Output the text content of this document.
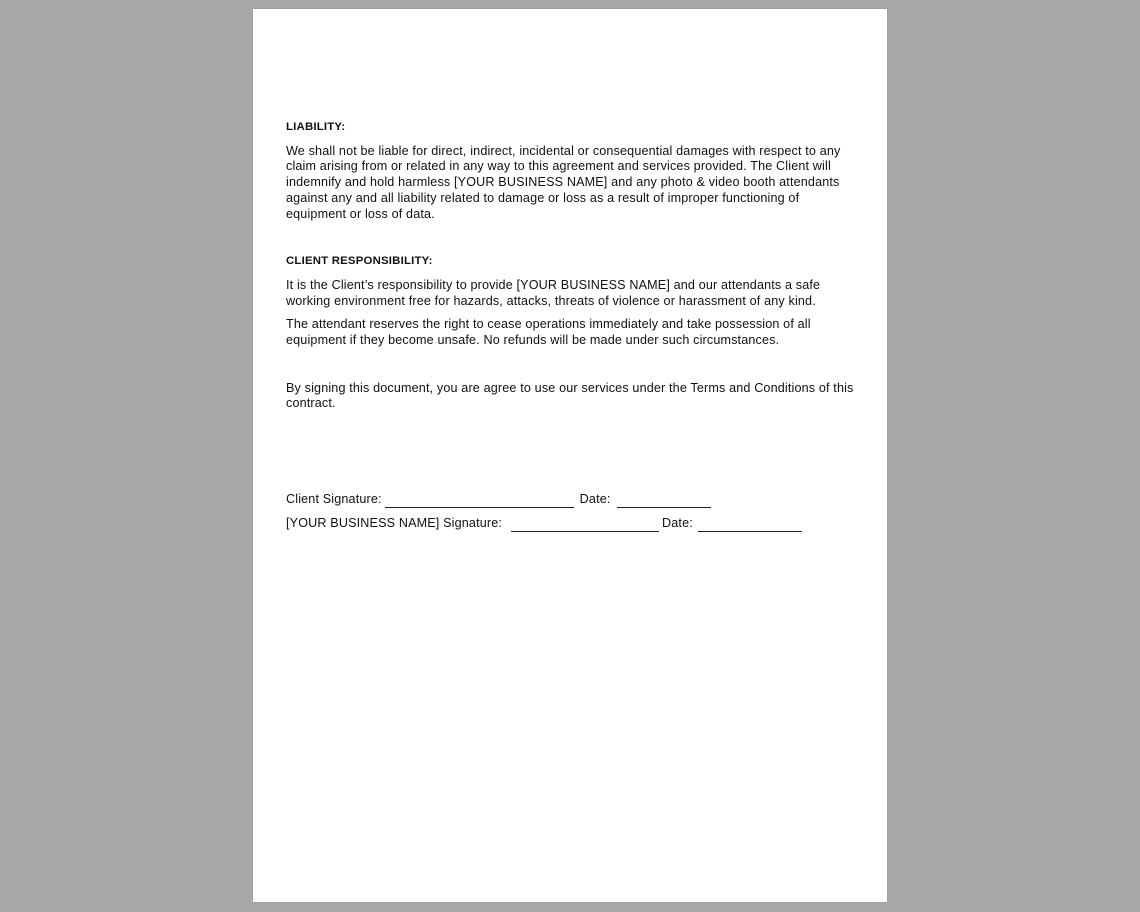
LIABILITY:

We shall not be liable for direct, indirect, incidental or consequential damages with respect to any claim arising from or related in any way to this agreement and services provided. The Client will indemnify and hold harmless [YOUR BUSINESS NAME] and any photo & video booth attendants against any and all liability related to damage or loss as a result of improper functioning of equipment or loss of data.

CLIENT RESPONSIBILITY:

It is the Client’s responsibility to provide [YOUR BUSINESS NAME] and our attendants a safe working environment free for hazards, attacks, threats of violence or harassment of any kind.

The attendant reserves the right to cease operations immediately and take possession of all equipment if they become unsafe. No refunds will be made under such circumstances.

By signing this document, you are agree to use our services under the Terms and Conditions of this contract.

Client Signature:	Date:
[YOUR BUSINESS NAME] Signature:	Date:
